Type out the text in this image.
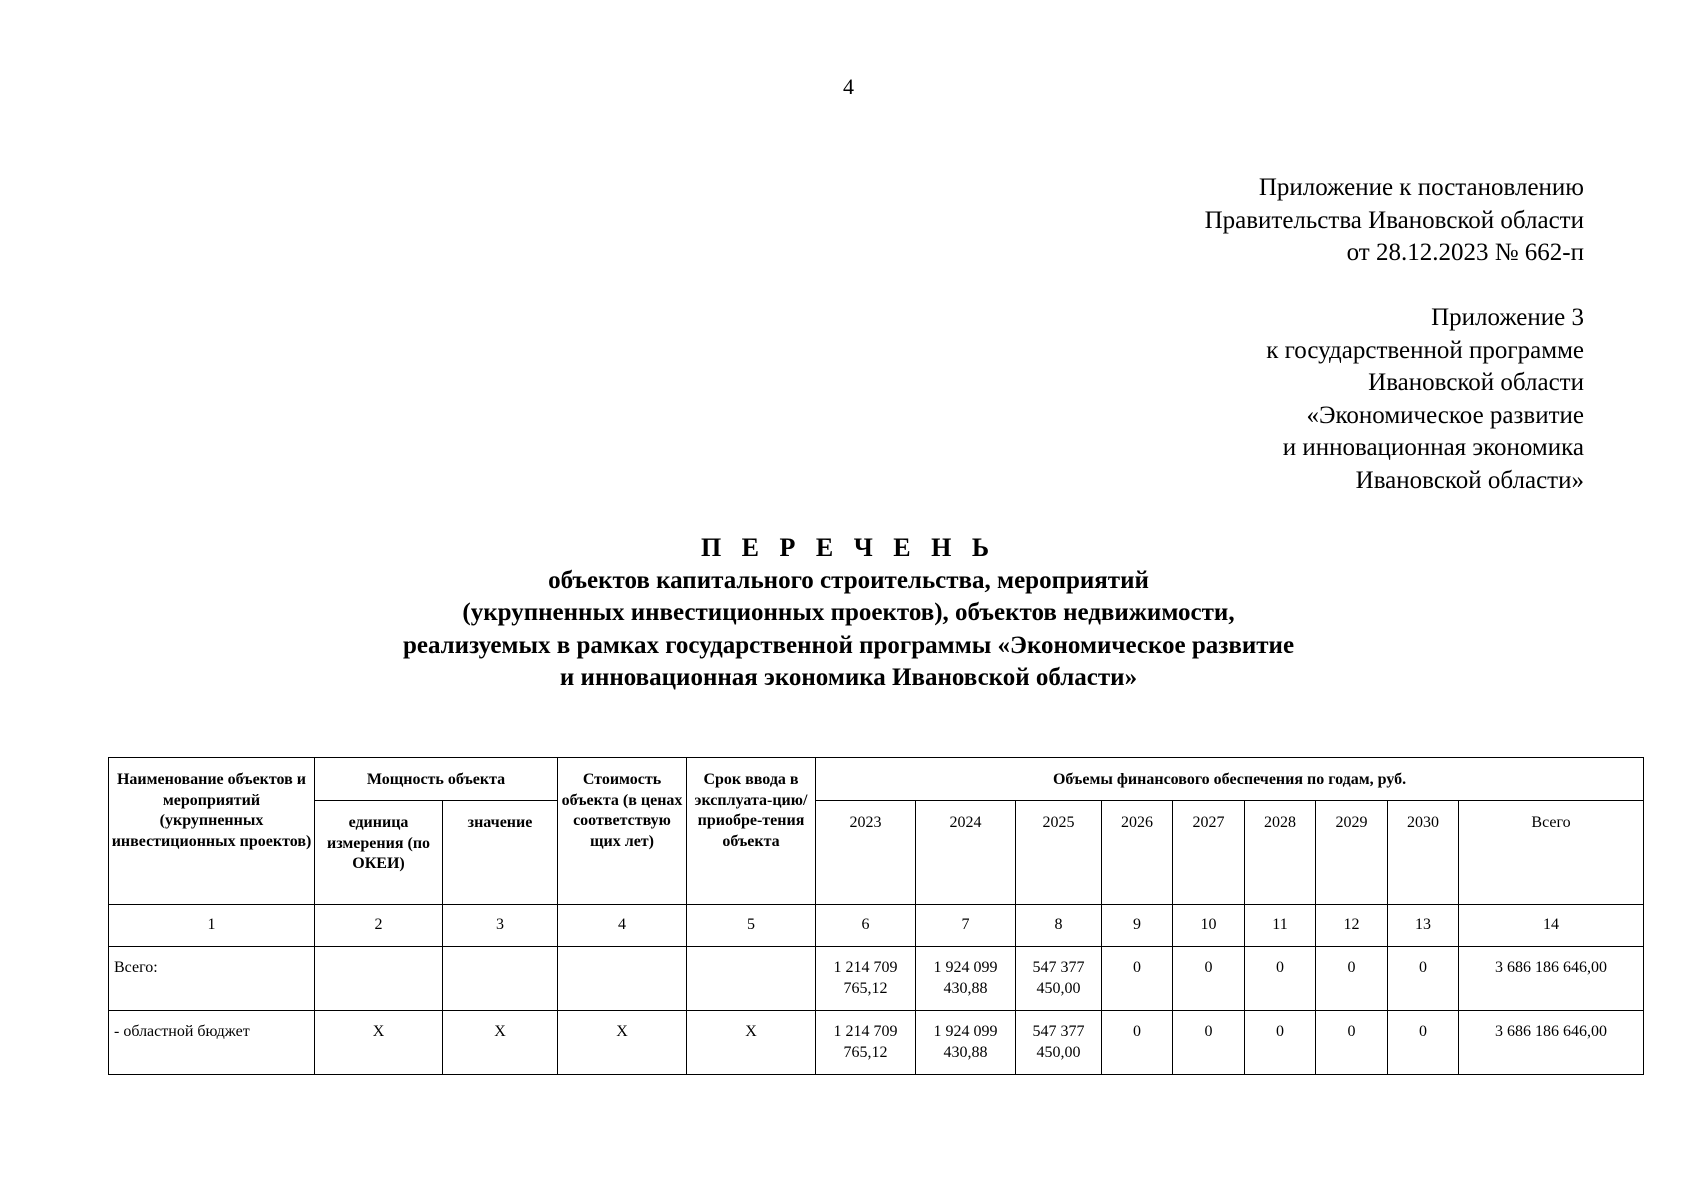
4
Приложение к постановлению
Правительства Ивановской области
от 28.12.2023 № 662-п
Приложение 3
к государственной программе
Ивановской области
«Экономическое развитие
и инновационная экономика
Ивановской области»
П Е Р Е Ч Е Н Ь
объектов капитального строительства, мероприятий
(укрупненных инвестиционных проектов), объектов недвижимости,
реализуемых в рамках государственной программы «Экономическое развитие
и инновационная экономика Ивановской области»
Наименование объектов и мероприятий (укрупненных инвестиционных проектов)	Мощность объекта		Стоимость объекта (в ценах соответствую щих лет)	Срок ввода в эксплуата-цию/приобре-тения объекта	Объемы финансового обеспечения по годам, руб.								
	единица измерения (по ОКЕИ)	значение			2023	2024	2025	2026	2027	2028	2029	2030	Всего
1	2	3	4	5	6	7	8	9	10	11	12	13	14
Всего:					1 214 709 765,12	1 924 099 430,88	547 377 450,00	0	0	0	0	0	3 686 186 646,00
- областной бюджет	Х	Х	Х	Х	1 214 709 765,12	1 924 099 430,88	547 377 450,00	0	0	0	0	0	3 686 186 646,00
